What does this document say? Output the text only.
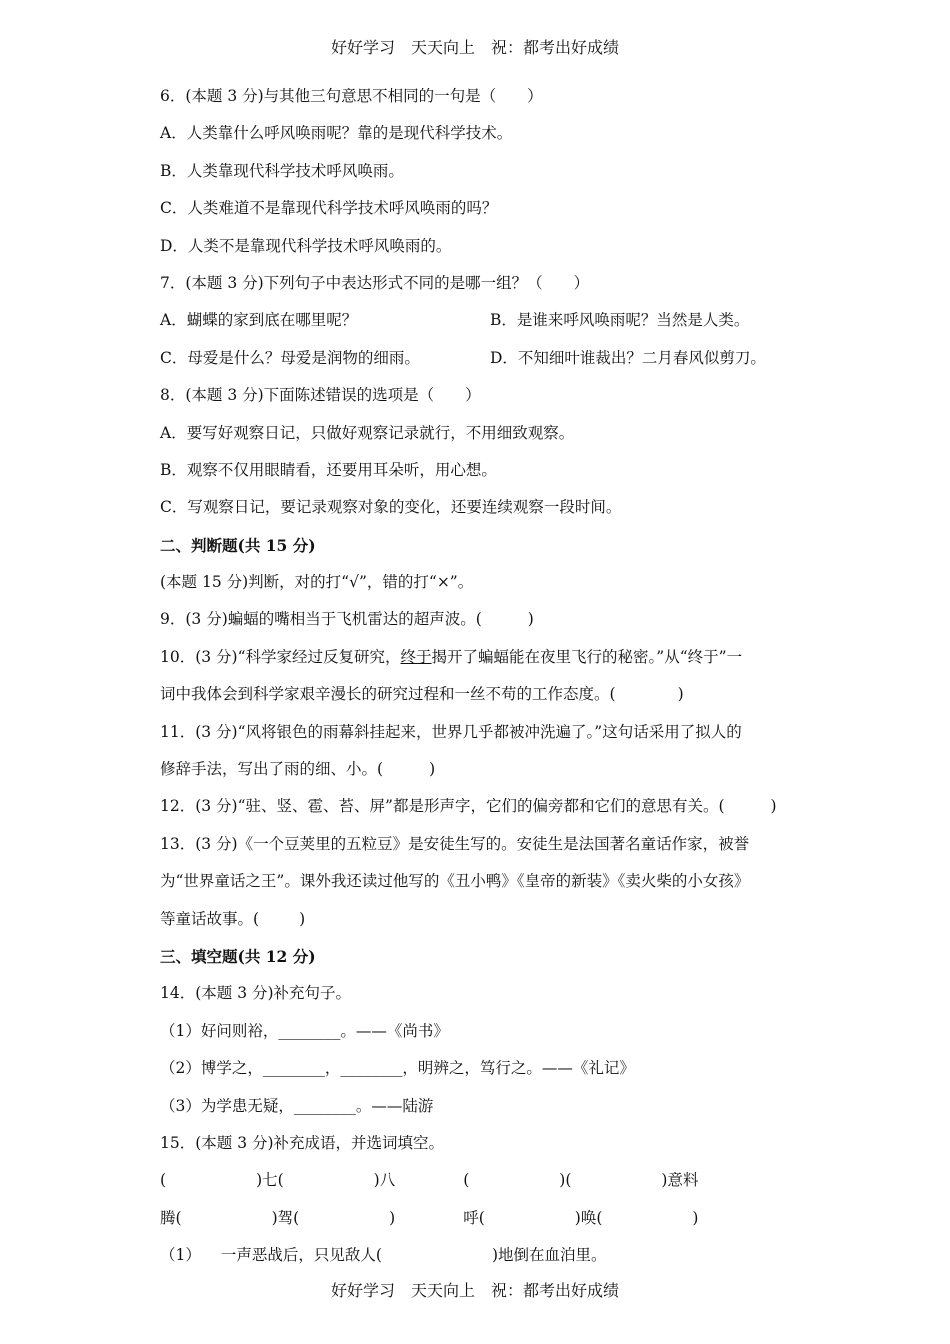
好好学习　天天向上　祝：都考出好成绩
6．(本题 3 分)与其他三句意思不相同的一句是（　　）
A．人类靠什么呼风唤雨呢？靠的是现代科学技术。
B．人类靠现代科学技术呼风唤雨。
C．人类难道不是靠现代科学技术呼风唤雨的吗？
D．人类不是靠现代科学技术呼风唤雨的。
7．(本题 3 分)下列句子中表达形式不同的是哪一组？（　　）
A．蝴蝶的家到底在哪里呢？	B．是谁来呼风唤雨呢？当然是人类。
C．母爱是什么？母爱是润物的细雨。	D．不知细叶谁裁出？二月春风似剪刀。
8．(本题 3 分)下面陈述错误的选项是（　　）
A．要写好观察日记，只做好观察记录就行，不用细致观察。
B．观察不仅用眼睛看，还要用耳朵听，用心想。
C．写观察日记，要记录观察对象的变化，还要连续观察一段时间。
二、判断题(共 15 分)
(本题 15 分)判断，对的打“√”，错的打“×”。
9．(3 分)蝙蝠的嘴相当于飞机雷达的超声波。(	)
10．(3 分)“科学家经过反复研究，终于揭开了蝙蝠能在夜里飞行的秘密。”从“终于”一
词中我体会到科学家艰辛漫长的研究过程和一丝不苟的工作态度。(	)
11．(3 分)“风将银色的雨幕斜挂起来，世界几乎都被冲洗遍了。”这句话采用了拟人的
修辞手法，写出了雨的细、小。(	)
12．(3 分)“驻、竖、雹、苔、屏”都是形声字，它们的偏旁都和它们的意思有关。(	)
13．(3 分)《一个豆荚里的五粒豆》是安徒生写的。安徒生是法国著名童话作家，被誉
为“世界童话之王”。课外我还读过他写的《丑小鸭》《皇帝的新装》《卖火柴的小女孩》
等童话故事。(	)
三、填空题(共 12 分)
14．(本题 3 分)补充句子。
（1）好问则裕，________。——《尚书》
（2）博学之，________，________，明辨之，笃行之。——《礼记》
（3）为学患无疑，________。——陆游
15．(本题 3 分)补充成语，并选词填空。
(	)七(	)八	(	)(	)意料
腾(	)驾(	)	呼(	)唤(	)
（1） 一声恶战后，只见敌人(	)地倒在血泊里。
好好学习　天天向上　祝：都考出好成绩
